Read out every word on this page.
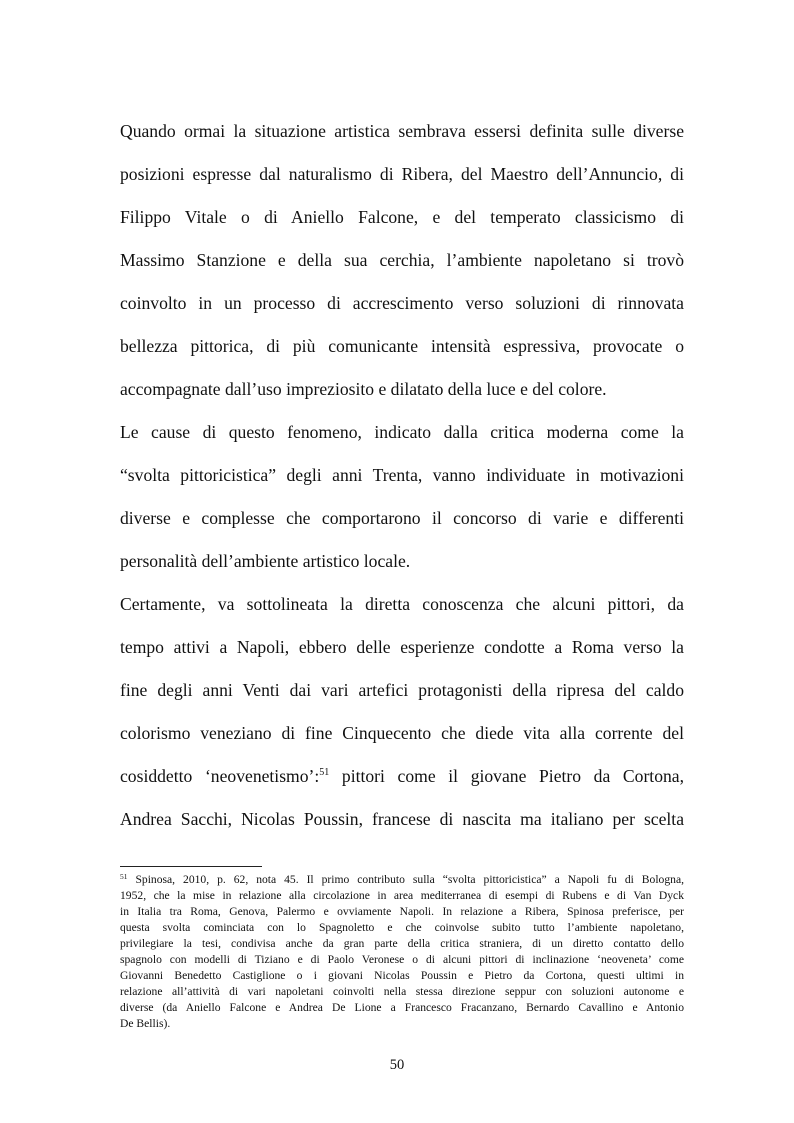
Quando ormai la situazione artistica sembrava essersi definita sulle diverse
posizioni espresse dal naturalismo di Ribera, del Maestro dell’Annuncio, di
Filippo Vitale o di Aniello Falcone, e del temperato classicismo di
Massimo Stanzione e della sua cerchia, l’ambiente napoletano si trovò
coinvolto in un processo di accrescimento verso soluzioni di rinnovata
bellezza pittorica, di più comunicante intensità espressiva, provocate o
accompagnate dall’uso impreziosito e dilatato della luce e del colore.
Le cause di questo fenomeno, indicato dalla critica moderna come la
“svolta pittoricistica” degli anni Trenta, vanno individuate in motivazioni
diverse e complesse che comportarono il concorso di varie e differenti
personalità dell’ambiente artistico locale.
Certamente, va sottolineata la diretta conoscenza che alcuni pittori, da
tempo attivi a Napoli, ebbero delle esperienze condotte a Roma verso la
fine degli anni Venti dai vari artefici protagonisti della ripresa del caldo
colorismo veneziano di fine Cinquecento che diede vita alla corrente del
cosiddetto ‘neovenetismo’:$^{51}$ pittori come il giovane Pietro da Cortona,
Andrea Sacchi, Nicolas Poussin, francese di nascita ma italiano per scelta
$^{51}$ Spinosa, 2010, p. 62, nota 45. Il primo contributo sulla “svolta pittoricistica” a Napoli fu di Bologna,
1952, che la mise in relazione alla circolazione in area mediterranea di esempi di Rubens e di Van Dyck
in Italia tra Roma, Genova, Palermo e ovviamente Napoli. In relazione a Ribera, Spinosa preferisce, per
questa svolta cominciata con lo Spagnoletto e che coinvolse subito tutto l’ambiente napoletano,
privilegiare la tesi, condivisa anche da gran parte della critica straniera, di un diretto contatto dello
spagnolo con modelli di Tiziano e di Paolo Veronese o di alcuni pittori di inclinazione ‘neoveneta’ come
Giovanni Benedetto Castiglione o i giovani Nicolas Poussin e Pietro da Cortona, questi ultimi in
relazione all’attività di vari napoletani coinvolti nella stessa direzione seppur con soluzioni autonome e
diverse (da Aniello Falcone e Andrea De Lione a Francesco Fracanzano, Bernardo Cavallino e Antonio
De Bellis).
50
